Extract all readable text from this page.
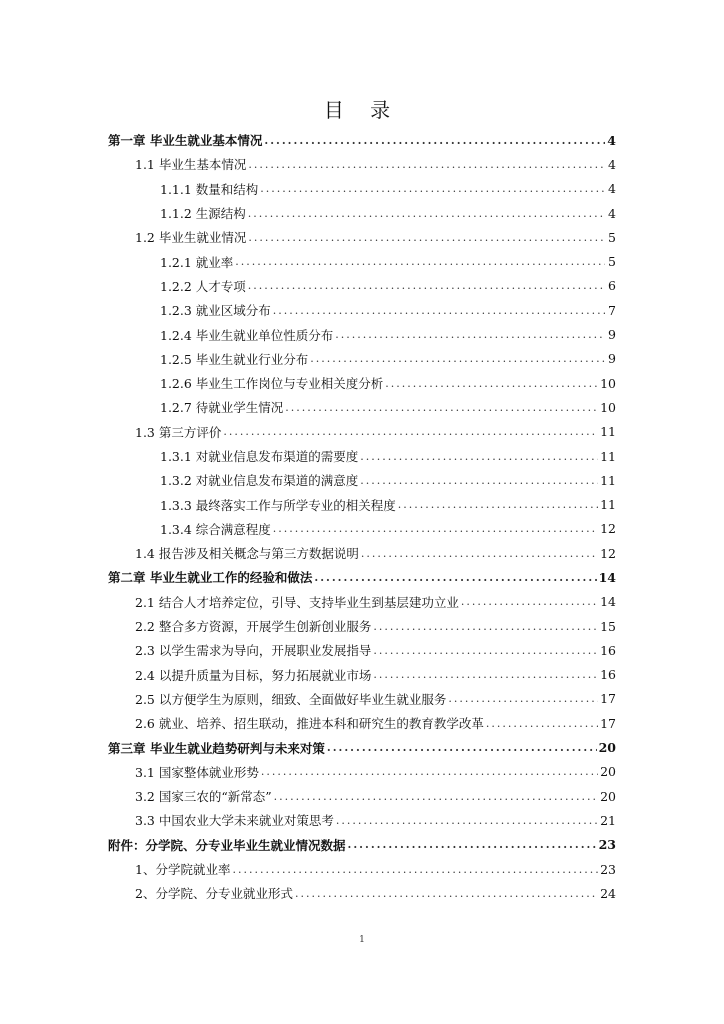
目 录
第一章 毕业生就业基本情况 .....	4
1.1 毕业生基本情况 .....	4
1.1.1 数量和结构 .....	4
1.1.2 生源结构 .....	4
1.2 毕业生就业情况 .....	5
1.2.1 就业率 .....	5
1.2.2 人才专项 .....	6
1.2.3 就业区域分布 .....	7
1.2.4 毕业生就业单位性质分布 .....	9
1.2.5 毕业生就业行业分布 .....	9
1.2.6 毕业生工作岗位与专业相关度分析 .....	10
1.2.7 待就业学生情况 .....	10
1.3 第三方评价 .....	11
1.3.1 对就业信息发布渠道的需要度 .....	11
1.3.2 对就业信息发布渠道的满意度 .....	11
1.3.3 最终落实工作与所学专业的相关程度 .....	11
1.3.4 综合满意程度 .....	12
1.4 报告涉及相关概念与第三方数据说明 .....	12
第二章 毕业生就业工作的经验和做法 .....	14
2.1 结合人才培养定位，引导、支持毕业生到基层建功立业 .....	14
2.2 整合多方资源，开展学生创新创业服务 .....	15
2.3 以学生需求为导向，开展职业发展指导 .....	16
2.4 以提升质量为目标，努力拓展就业市场 .....	16
2.5 以方便学生为原则，细致、全面做好毕业生就业服务 .....	17
2.6 就业、培养、招生联动，推进本科和研究生的教育教学改革 .....	17
第三章 毕业生就业趋势研判与未来对策 .....	20
3.1 国家整体就业形势 .....	20
3.2 国家三农的“新常态” .....	20
3.3 中国农业大学未来就业对策思考 .....	21
附件：分学院、分专业毕业生就业情况数据 .....	23
1、分学院就业率 .....	23
2、分学院、分专业就业形式 .....	24
1
